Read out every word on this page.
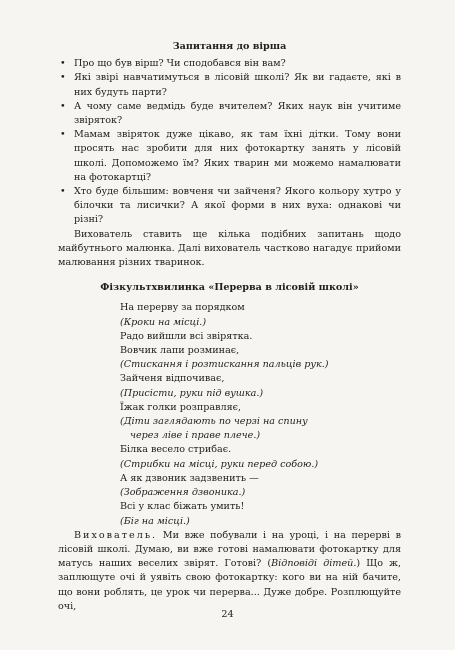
Запитання до вірша
• Про що був вірш? Чи сподобався він вам?
• Які звірі навчатимуться в лісовій школі? Як ви гадаєте, які в них будуть парти?
• А чому саме ведмідь буде вчителем? Яких наук він учитиме звіряток?
• Мамам звіряток дуже цікаво, як там їхні дітки. Тому вони просять нас зробити для них фотокартку занять у лісовій школі. Допоможемо їм? Яких тварин ми можемо намалювати на фотокартці?
• Хто буде більшим: вовченя чи зайченя? Якого кольору хутро у білочки та лисички? А якої форми в них вуха: однакові чи різні?

Вихователь ставить ще кілька подібних запитань щодо майбутнього малюнка. Далі вихователь частково нагадує прийоми малювання різних тваринок.

Фізкультхвилинка «Перерва в лісовій школі»
На перерву за порядком
(Кроки на місці.)
Радо вийшли всі звірятка.
Вовчик лапи розминає,
(Стискання і розтискання пальців рук.)
Зайченя відпочиває,
(Присісти, руки під вушка.)
Їжак голки розправляє,
(Діти заглядають по черзі на спину
через ліве і праве плече.)
Білка весело стрибає.
(Стрибки на місці, руки перед собою.)
А як дзвоник задзвенить —
(Зображення дзвоника.)
Всі у клас біжать умить!
(Біг на місці.)

Вихователь. Ми вже побували і на уроці, і на перерві в лісовій школі. Думаю, ви вже готові намалювати фотокартку для матусь наших веселих звірят. Готові? (Відповіді дітей.) Що ж, заплющуте очі й уявіть свою фотокартку: кого ви на ній бачите, що вони роблять, це урок чи перерва... Дуже добре. Розплющуйте очі,

24
